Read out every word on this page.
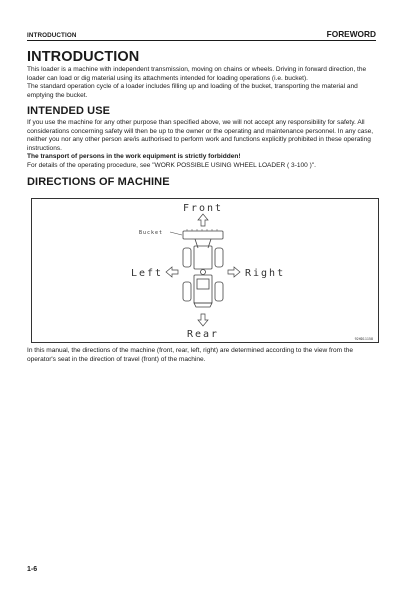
INTRODUCTION	FOREWORD
INTRODUCTION

This loader is a machine with independent transmission, moving on chains or wheels. Driving in forward direction, the loader can load or dig material using its attachments intended for loading operations (i.e. bucket).

The standard operation cycle of a loader includes filling up and loading of the bucket, transporting the material and emptying the bucket.

INTENDED USE

If you use the machine for any other purpose than specified above, we will not accept any responsibility for safety. All considerations concerning safety will then be up to the owner or the operating and maintenance personnel. In any case, neither you nor any other person are/is authorised to perform work and functions explicitly prohibited in these operating instructions.

The transport of persons in the work equipment is strictly forbidden!

For details of the operating procedure, see "WORK POSSIBLE USING WHEEL LOADER ( 3-100 )".

DIRECTIONS OF MACHINE
Front
Rear
Left	Right
Bucket
92HD11158

In this manual, the directions of the machine (front, rear, left, right) are determined according to the view from the operator's seat in the direction of travel (front) of the machine.

1-6
